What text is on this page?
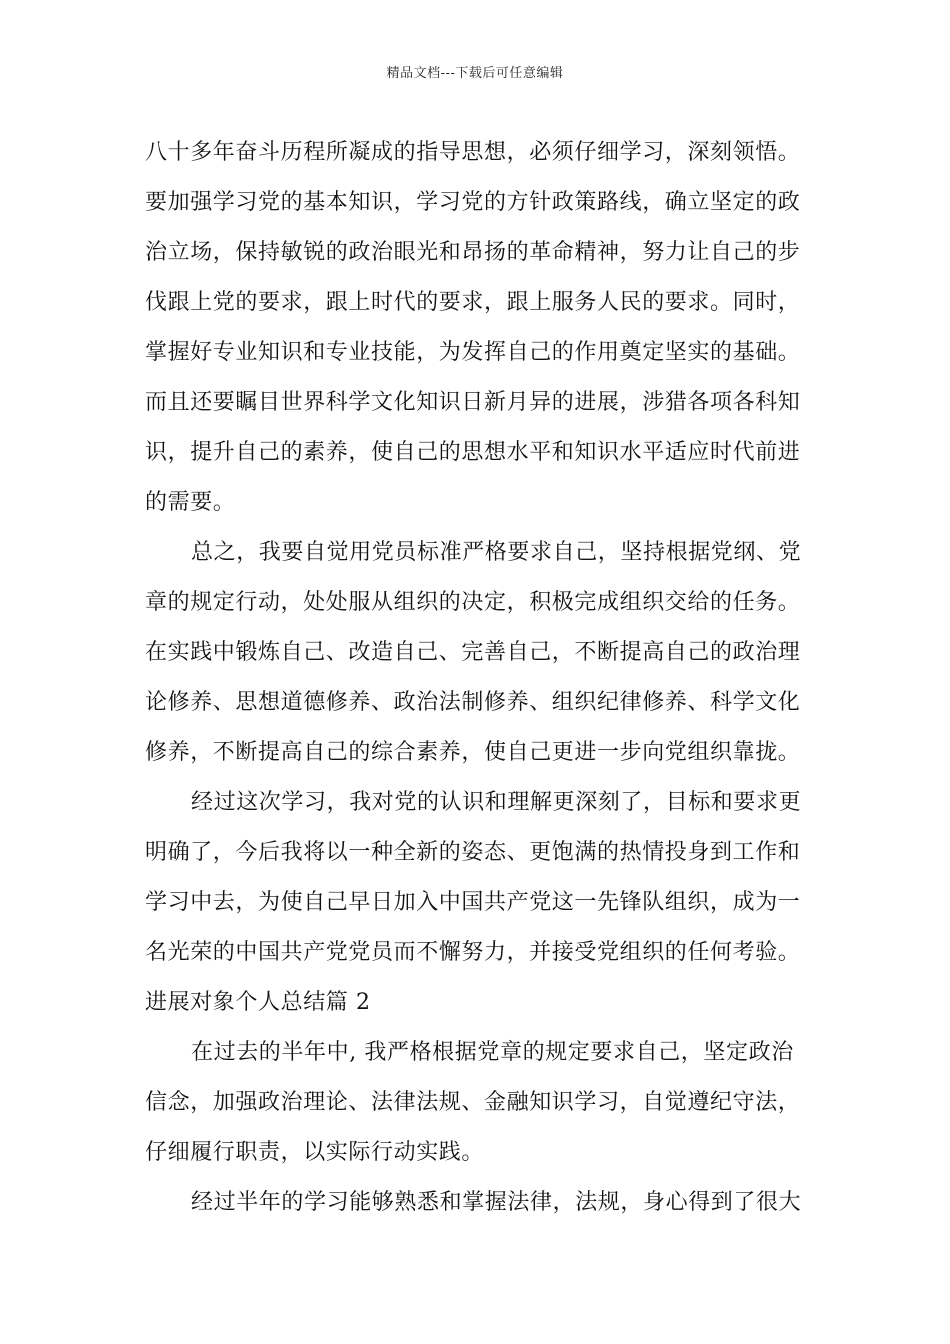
精品文档---下载后可任意编辑
八十多年奋斗历程所凝成的指导思想，必须仔细学习，深刻领悟。
要加强学习党的基本知识，学习党的方针政策路线，确立坚定的政
治立场，保持敏锐的政治眼光和昂扬的革命精神，努力让自己的步
伐跟上党的要求，跟上时代的要求，跟上服务人民的要求。同时，
掌握好专业知识和专业技能，为发挥自己的作用奠定坚实的基础。
而且还要瞩目世界科学文化知识日新月异的进展，涉猎各项各科知
识，提升自己的素养，使自己的思想水平和知识水平适应时代前进
的需要。
总之，我要自觉用党员标准严格要求自己，坚持根据党纲、党
章的规定行动，处处服从组织的决定，积极完成组织交给的任务。
在实践中锻炼自己、改造自己、完善自己，不断提高自己的政治理
论修养、思想道德修养、政治法制修养、组织纪律修养、科学文化
修养，不断提高自己的综合素养，使自己更进一步向党组织靠拢。
经过这次学习，我对党的认识和理解更深刻了，目标和要求更
明确了，今后我将以一种全新的姿态、更饱满的热情投身到工作和
学习中去，为使自己早日加入中国共产党这一先锋队组织，成为一
名光荣的中国共产党党员而不懈努力，并接受党组织的任何考验。
进展对象个人总结篇 2
在过去的半年中, 我严格根据党章的规定要求自己，坚定政治
信念，加强政治理论、法律法规、金融知识学习，自觉遵纪守法，
仔细履行职责，以实际行动实践。
经过半年的学习能够熟悉和掌握法律，法规，身心得到了很大
